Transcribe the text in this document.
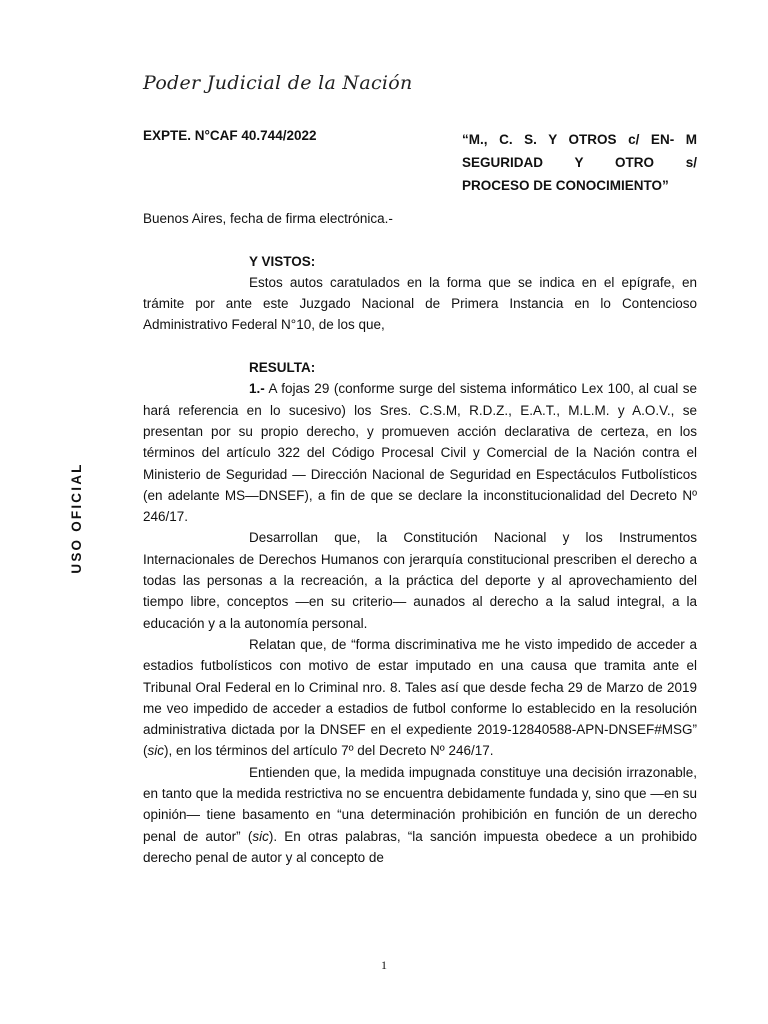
Poder Judicial de la Nación
USO OFICIAL
EXPTE. N°CAF 40.744/2022	“M., C. S. Y OTROS c/ EN- M
SEGURIDAD Y OTRO s/
PROCESO DE CONOCIMIENTO”
Buenos Aires, fecha de firma electrónica.-
Y VISTOS:
Estos autos caratulados en la forma que se indica en el epígrafe, en trámite por ante este Juzgado Nacional de Primera Instancia en lo Contencioso Administrativo Federal N°10, de los que,
RESULTA:
1.- A fojas 29 (conforme surge del sistema informático Lex 100, al cual se hará referencia en lo sucesivo) los Sres. C.S.M, R.D.Z., E.A.T., M.L.M. y A.O.V., se presentan por su propio derecho, y promueven acción declarativa de certeza, en los términos del artículo 322 del Código Procesal Civil y Comercial de la Nación contra el Ministerio de Seguridad — Dirección Nacional de Seguridad en Espectáculos Futbolísticos (en adelante MS—DNSEF), a fin de que se declare la inconstitucionalidad del Decreto Nº 246/17.
Desarrollan que, la Constitución Nacional y los Instrumentos Internacionales de Derechos Humanos con jerarquía constitucional prescriben el derecho a todas las personas a la recreación, a la práctica del deporte y al aprovechamiento del tiempo libre, conceptos —en su criterio— aunados al derecho a la salud integral, a la educación y a la autonomía personal.
Relatan que, de “forma discriminativa me he visto impedido de acceder a estadios futbolísticos con motivo de estar imputado en una causa que tramita ante el Tribunal Oral Federal en lo Criminal nro. 8. Tales así que desde fecha 29 de Marzo de 2019 me veo impedido de acceder a estadios de futbol conforme lo establecido en la resolución administrativa dictada por la DNSEF en el expediente 2019-12840588-APN-DNSEF#MSG” (sic), en los términos del artículo 7º del Decreto Nº 246/17.
Entienden que, la medida impugnada constituye una decisión irrazonable, en tanto que la medida restrictiva no se encuentra debidamente fundada y, sino que —en su opinión— tiene basamento en “una determinación prohibición en función de un derecho penal de autor” (sic). En otras palabras, “la sanción impuesta obedece a un prohibido derecho penal de autor y al concepto de
1
